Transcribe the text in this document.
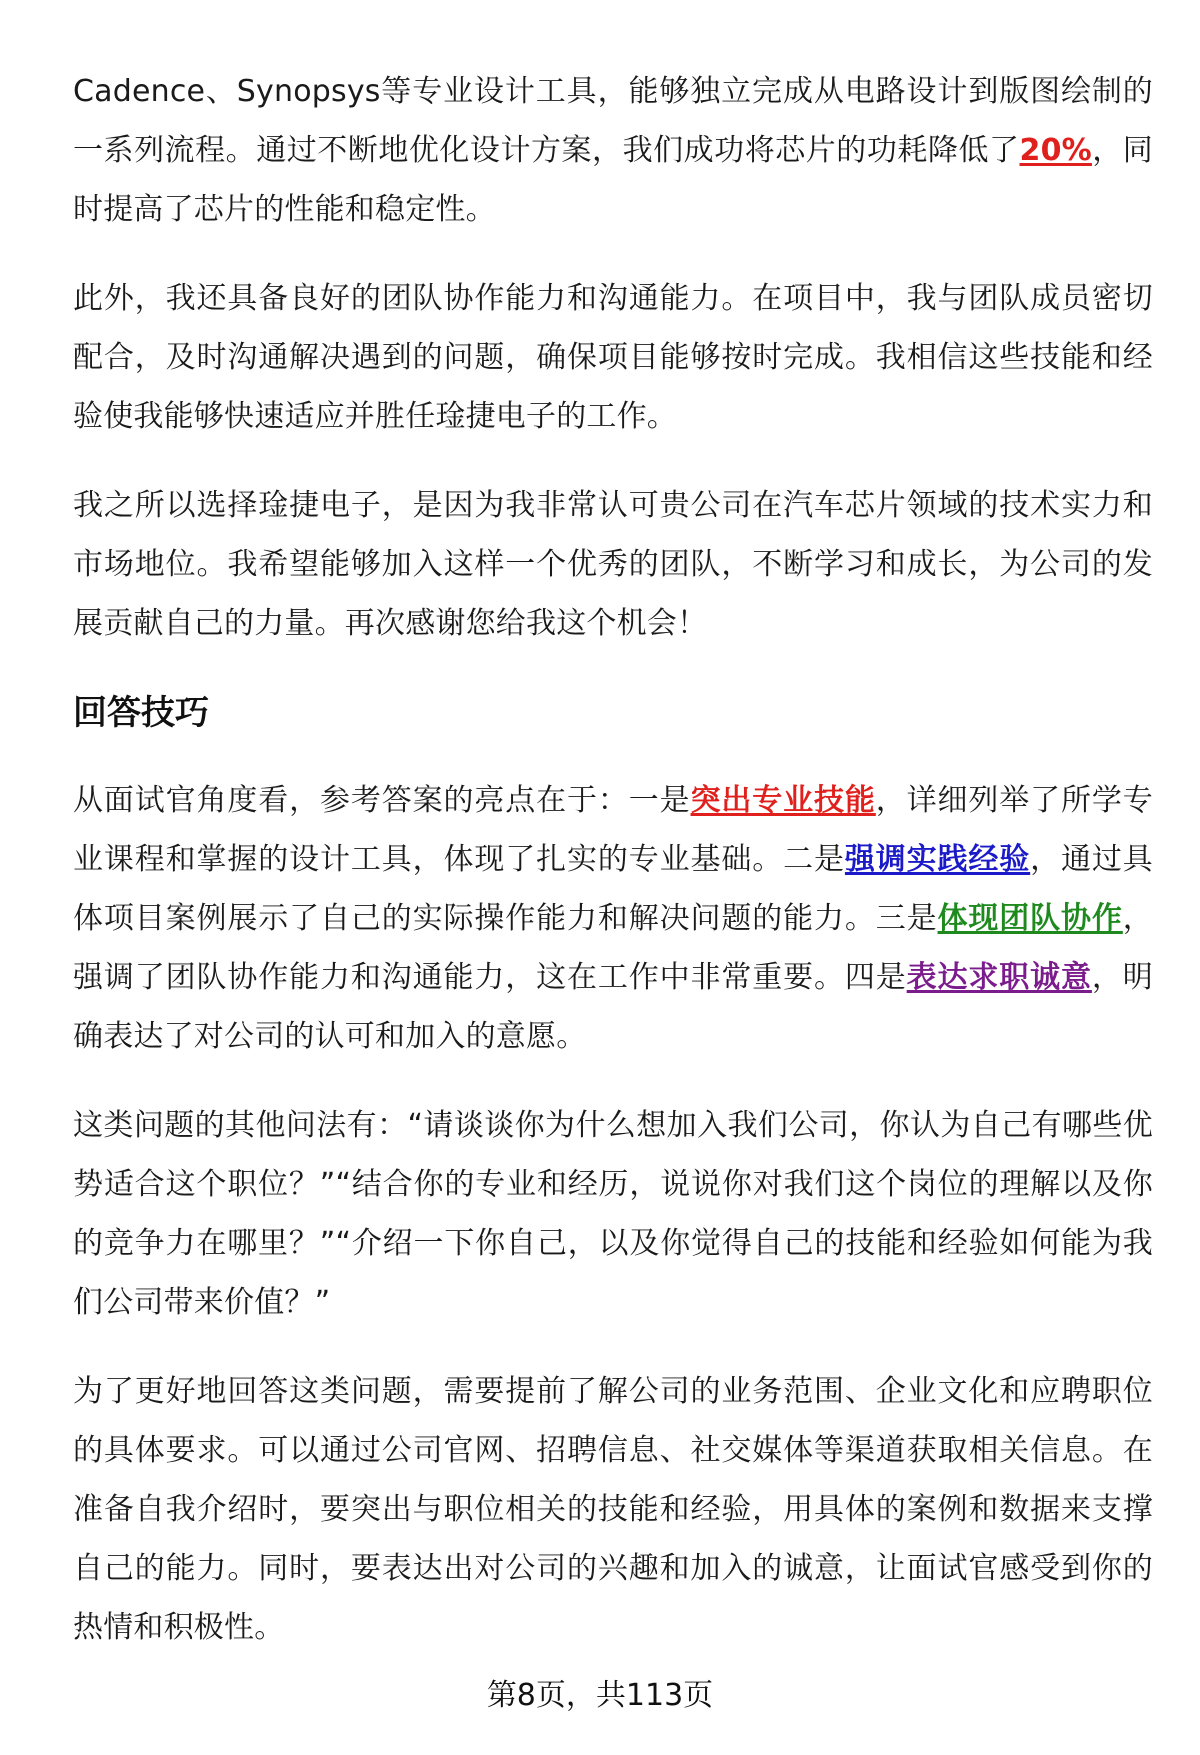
Cadence、Synopsys等专业设计工具，能够独立完成从电路设计到版图绘制的一系列流程。通过不断地优化设计方案，我们成功将芯片的功耗降低了20%，同时提高了芯片的性能和稳定性。

此外，我还具备良好的团队协作能力和沟通能力。在项目中，我与团队成员密切配合，及时沟通解决遇到的问题，确保项目能够按时完成。我相信这些技能和经验使我能够快速适应并胜任琻捷电子的工作。

我之所以选择琻捷电子，是因为我非常认可贵公司在汽车芯片领域的技术实力和市场地位。我希望能够加入这样一个优秀的团队，不断学习和成长，为公司的发展贡献自己的力量。再次感谢您给我这个机会！

回答技巧

从面试官角度看，参考答案的亮点在于：一是突出专业技能，详细列举了所学专业课程和掌握的设计工具，体现了扎实的专业基础。二是强调实践经验，通过具体项目案例展示了自己的实际操作能力和解决问题的能力。三是体现团队协作，强调了团队协作能力和沟通能力，这在工作中非常重要。四是表达求职诚意，明确表达了对公司的认可和加入的意愿。

这类问题的其他问法有：“请谈谈你为什么想加入我们公司，你认为自己有哪些优势适合这个职位？”“结合你的专业和经历，说说你对我们这个岗位的理解以及你的竞争力在哪里？”“介绍一下你自己，以及你觉得自己的技能和经验如何能为我们公司带来价值？”

为了更好地回答这类问题，需要提前了解公司的业务范围、企业文化和应聘职位的具体要求。可以通过公司官网、招聘信息、社交媒体等渠道获取相关信息。在准备自我介绍时，要突出与职位相关的技能和经验，用具体的案例和数据来支撑自己的能力。同时，要表达出对公司的兴趣和加入的诚意，让面试官感受到你的热情和积极性。

第8页，共113页
